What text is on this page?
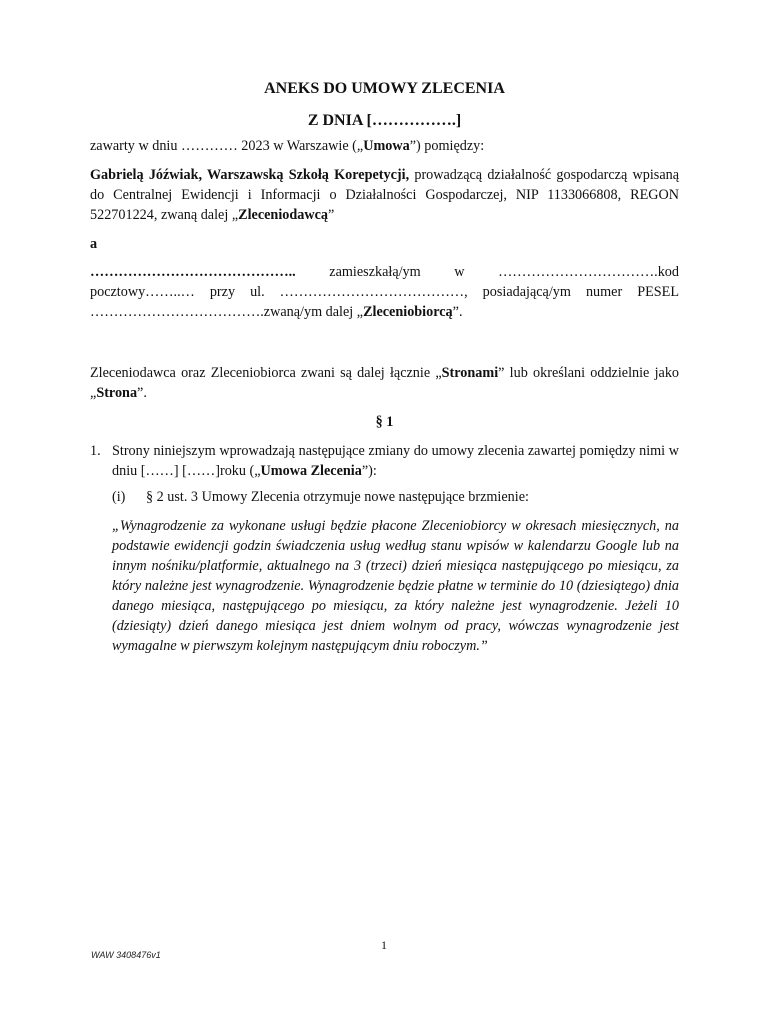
ANEKS DO UMOWY ZLECENIA

Z DNIA […………….]

zawarty w dniu ………… 2023 w Warszawie („Umowa”) pomiędzy:

Gabrielą Jóźwiak, Warszawską Szkołą Korepetycji, prowadzącą działalność gospodarczą wpisaną do Centralnej Ewidencji i Informacji o Działalności Gospodarczej, NIP 1133066808, REGON 522701224, zwaną dalej „Zleceniodawcą”

a

…………………………………….. zamieszkałą/ym w …………………………….kod

pocztowy……..… przy ul. …………………………………, posiadającą/ym numer PESEL

……………………………….zwaną/ym dalej „Zleceniobiorcą”.

Zleceniodawca oraz Zleceniobiorca zwani są dalej łącznie „Stronami” lub określani oddzielnie jako „Strona”.

§ 1

1. Strony niniejszym wprowadzają następujące zmiany do umowy zlecenia zawartej pomiędzy nimi w dniu [……] [……]roku („Umowa Zlecenia”):
(i) § 2 ust. 3 Umowy Zlecenia otrzymuje nowe następujące brzmienie:

„Wynagrodzenie za wykonane usługi będzie płacone Zleceniobiorcy w okresach miesięcznych, na podstawie ewidencji godzin świadczenia usług według stanu wpisów w kalendarzu Google lub na innym nośniku/platformie, aktualnego na 3 (trzeci) dzień miesiąca następującego po miesiącu, za który należne jest wynagrodzenie. Wynagrodzenie będzie płatne w terminie do 10 (dziesiątego) dnia danego miesiąca, następującego po miesiącu, za który należne jest wynagrodzenie. Jeżeli 10 (dziesiąty) dzień danego miesiąca jest dniem wolnym od pracy, wówczas wynagrodzenie jest wymagalne w pierwszym kolejnym następującym dniu roboczym.”

1
WAW 3408476v1
